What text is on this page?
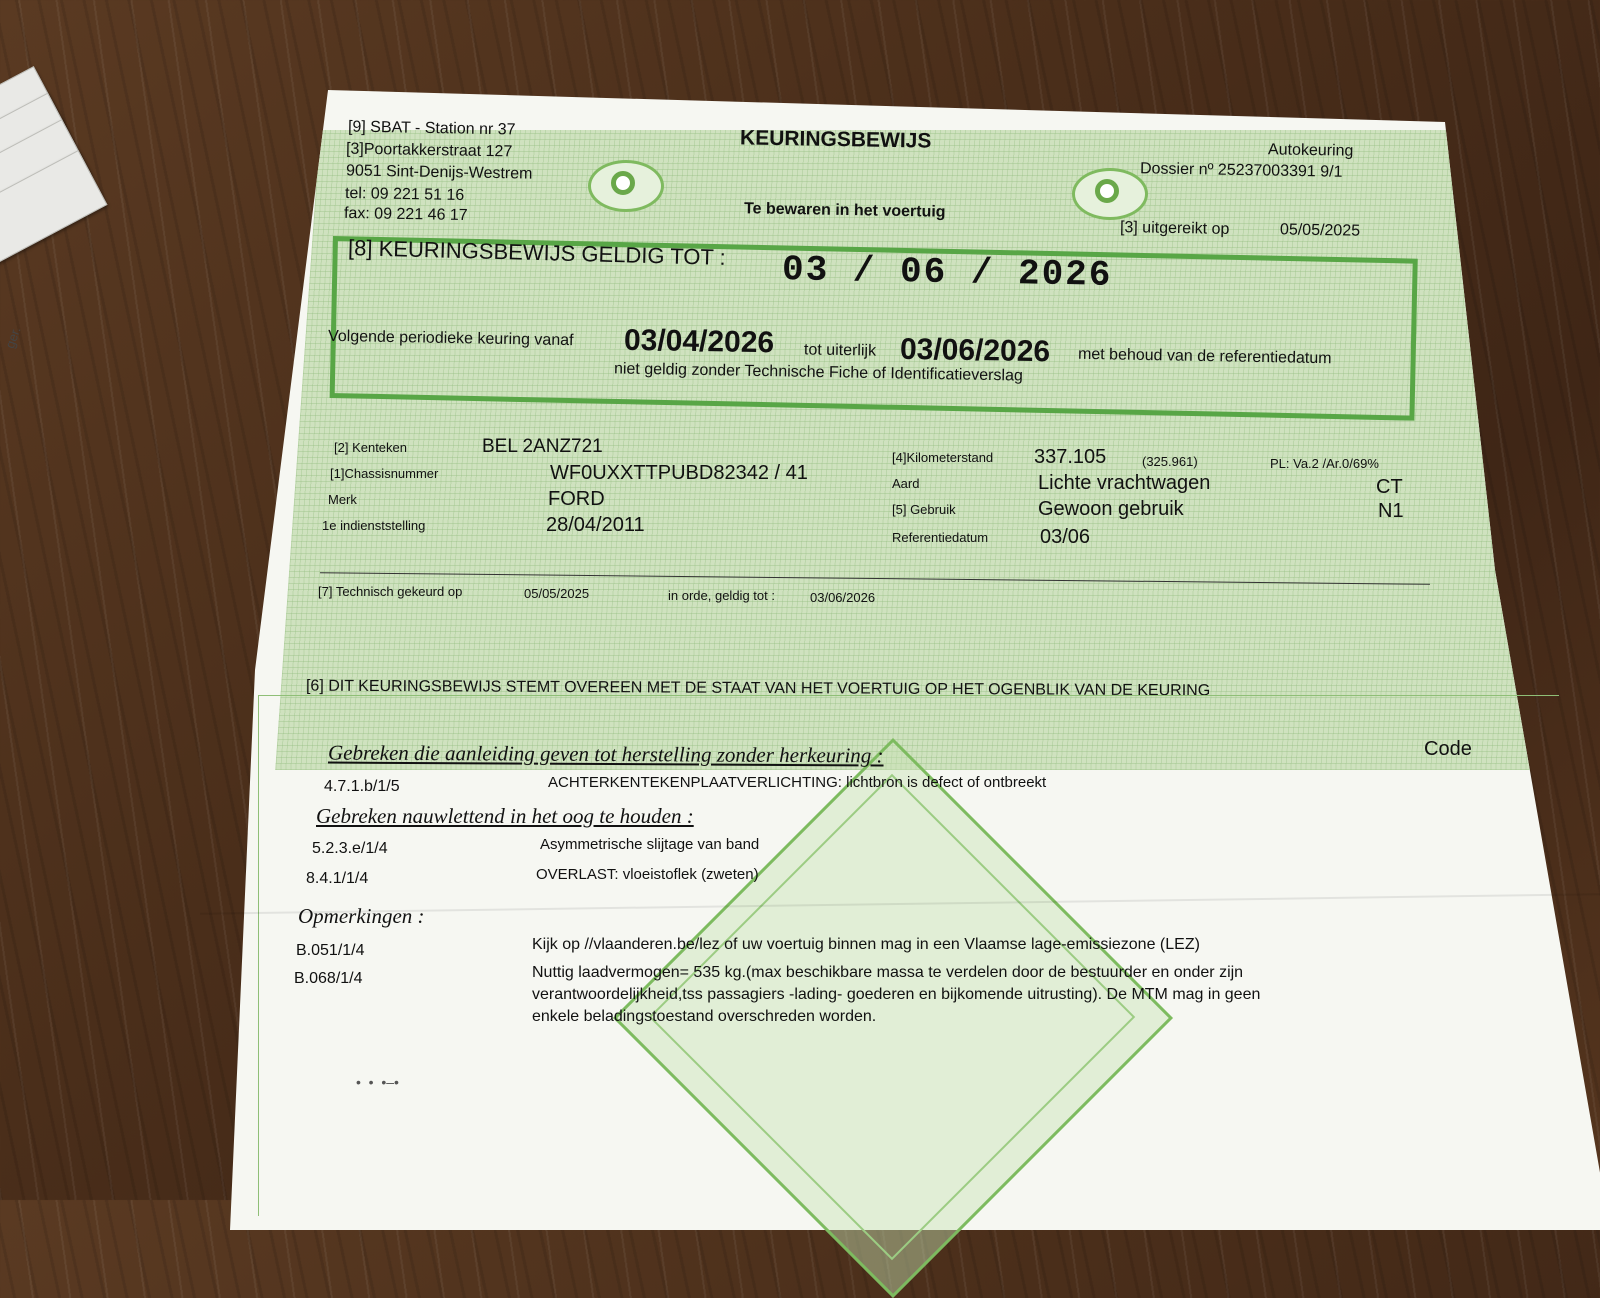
ger.
[9] SBAT - Station nr 37
[3]Poortakkerstraat 127
9051 Sint-Denijs-Westrem
tel: 09 221 51 16
fax: 09 221 46 17
KEURINGSBEWIJS
Te bewaren in het voertuig
Autokeuring
Dossier nº 25237003391 9/1
[3] uitgereikt op	05/05/2025
[8] KEURINGSBEWIJS GELDIG TOT : 03 / 06 / 2026
Volgende periodieke keuring vanaf 03/04/2026 tot uiterlijk 03/06/2026 met behoud van de referentiedatum
niet geldig zonder Technische Fiche of Identificatieverslag
[2] Kenteken	BEL 2ANZ721
[1]Chassisnummer	WF0UXXTTPUBD82342 / 41
Merk	FORD
1e indienststelling	28/04/2011
[4]Kilometerstand 337.105	(325.961)	PL: Va.2 /Ar.0/69%
Aard	Lichte vrachtwagen	CT
[5] Gebruik	Gewoon gebruik	N1
Referentiedatum	03/06
[7] Technisch gekeurd op	05/05/2025	in orde, geldig tot :	03/06/2026
[6] DIT KEURINGSBEWIJS STEMT OVEREEN MET DE STAAT VAN HET VOERTUIG OP HET OGENBLIK VAN DE KEURING
Code
Gebreken die aanleiding geven tot herstelling zonder herkeuring :
4.7.1.b/1/5	ACHTERKENTEKENPLAATVERLICHTING: lichtbron is defect of ontbreekt
Gebreken nauwlettend in het oog te houden :
5.2.3.e/1/4	Asymmetrische slijtage van band
8.4.1/1/4	OVERLAST: vloeistoflek (zweten)
Opmerkingen :
B.051/1/4	Kijk op //vlaanderen.be/lez of uw voertuig binnen mag in een Vlaamse lage-emissiezone (LEZ)
B.068/1/4	Nuttig laadvermogen= 535 kg.(max beschikbare massa te verdelen door de bestuurder en onder zijn verantwoordelijkheid,tss passagiers -lading- goederen en bijkomende uitrusting). De MTM mag in geen enkele beladingstoestand overschreden worden.
•  •  •–•
